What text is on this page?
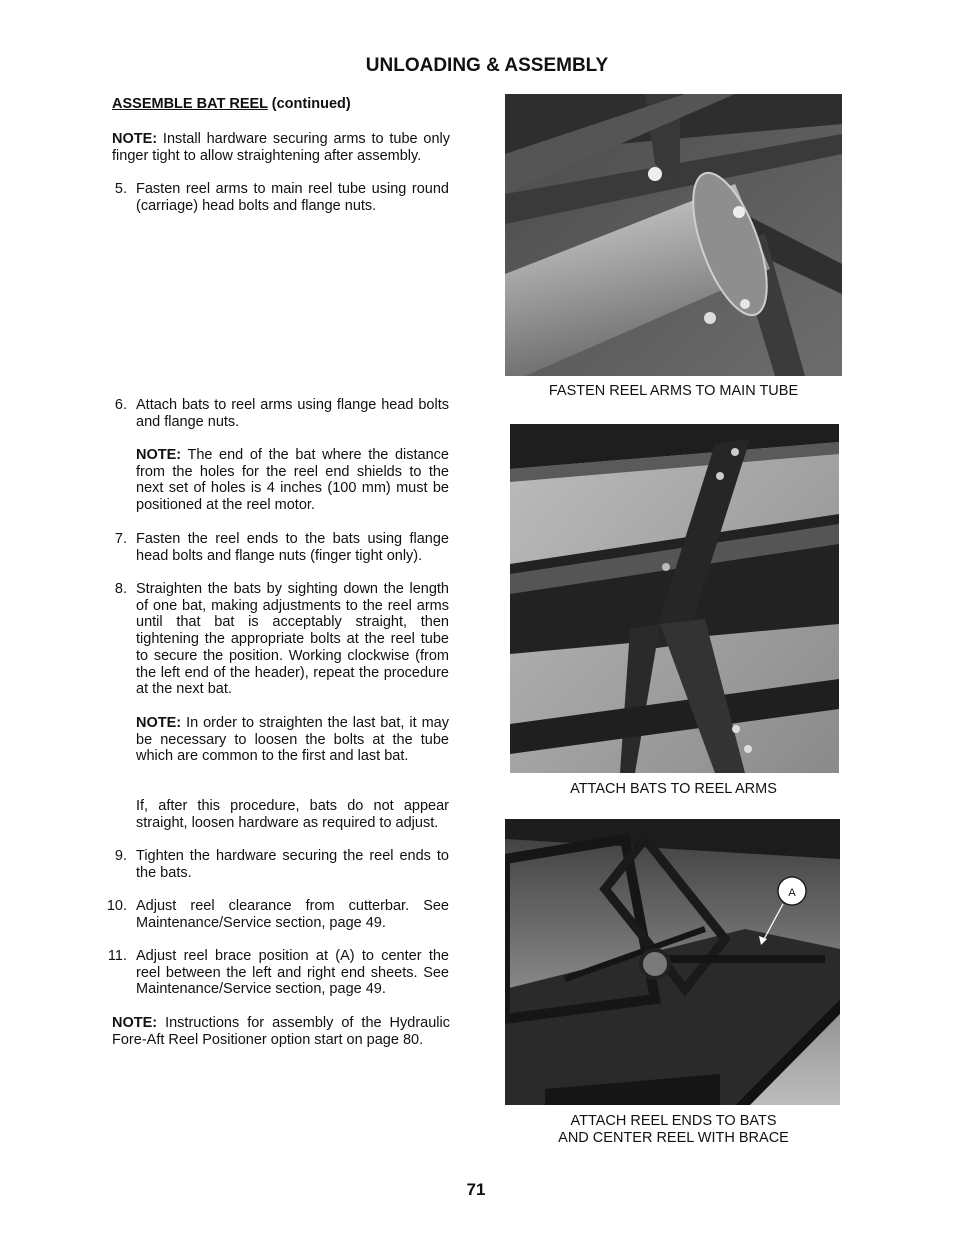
UNLOADING & ASSEMBLY
ASSEMBLE BAT REEL (continued)
NOTE: Install hardware securing arms to tube only finger tight to allow straightening after assembly.
5. Fasten reel arms to main reel tube using round (carriage) head bolts and flange nuts.
6. Attach bats to reel arms using flange head bolts and flange nuts.
NOTE: The end of the bat where the distance from the holes for the reel end shields to the next set of holes is 4 inches (100 mm) must be positioned at the reel motor.
7. Fasten the reel ends to the bats using flange head bolts and flange nuts (finger tight only).
8. Straighten the bats by sighting down the length of one bat, making adjustments to the reel arms until that bat is acceptably straight, then tightening the appropriate bolts at the reel tube to secure the position. Working clockwise (from the left end of the header), repeat the procedure at the next bat.
NOTE: In order to straighten the last bat, it may be necessary to loosen the bolts at the tube which are common to the first and last bat.
If, after this procedure, bats do not appear straight, loosen hardware as required to adjust.
9. Tighten the hardware securing the reel ends to the bats.
10. Adjust reel clearance from cutterbar. See Maintenance/Service section, page 49.
11. Adjust reel brace position at (A) to center the reel between the left and right end sheets. See Maintenance/Service section, page 49.
NOTE: Instructions for assembly of the Hydraulic Fore-Aft Reel Positioner option start on page 80.
FASTEN REEL ARMS TO MAIN TUBE
ATTACH BATS TO REEL ARMS
A
ATTACH REEL ENDS TO BATS
AND CENTER REEL WITH BRACE
71
